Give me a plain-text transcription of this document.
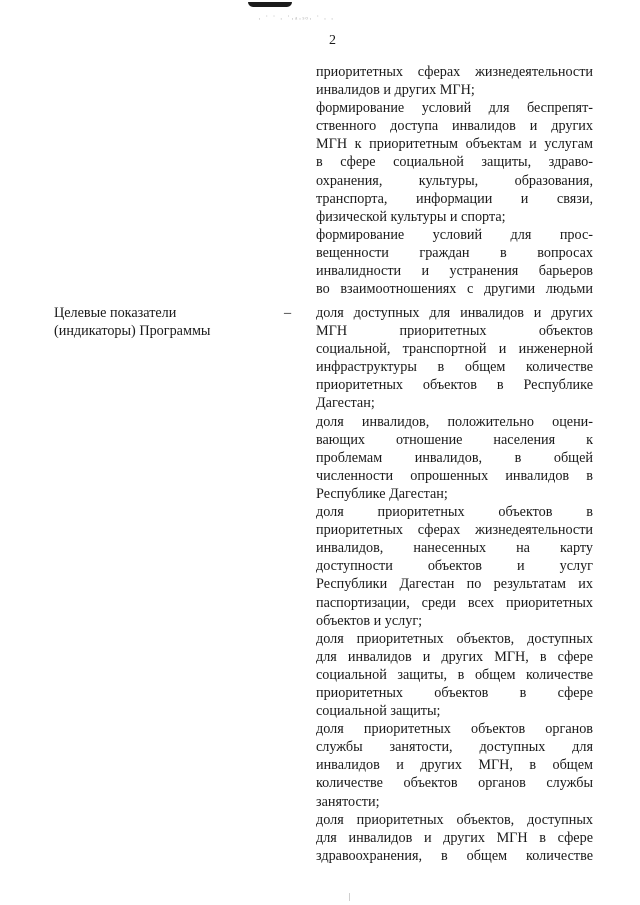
· ˙ ˙ · ˙·ᵃ·ˢᵒ· ˙ · ·
2
приоритетных сферах жизнедеятельности
инвалидов и других МГН;
формирование условий для беспрепят-
ственного доступа инвалидов и других
МГН к приоритетным объектам и услугам
в сфере социальной защиты, здраво-
охранения, культуры, образования,
транспорта, информации и связи,
физической культуры и спорта;
формирование условий для прос-
вещенности граждан в вопросах
инвалидности и устранения барьеров
во взаимоотношениях с другими людьми
Целевые показатели
(индикаторы) Программы
– доля доступных для инвалидов и других
МГН приоритетных объектов
социальной, транспортной и инженерной
инфраструктуры в общем количестве
приоритетных объектов в Республике
Дагестан;
доля инвалидов, положительно оцени-
вающих отношение населения к
проблемам инвалидов, в общей
численности опрошенных инвалидов в
Республике Дагестан;
доля приоритетных объектов в
приоритетных сферах жизнедеятельности
инвалидов, нанесенных на карту
доступности объектов и услуг
Республики Дагестан по результатам их
паспортизации, среди всех приоритетных
объектов и услуг;
доля приоритетных объектов, доступных
для инвалидов и других МГН, в сфере
социальной защиты, в общем количестве
приоритетных объектов в сфере
социальной защиты;
доля приоритетных объектов органов
службы занятости, доступных для
инвалидов и других МГН, в общем
количестве объектов органов службы
занятости;
доля приоритетных объектов, доступных
для инвалидов и других МГН в сфере
здравоохранения, в общем количестве
